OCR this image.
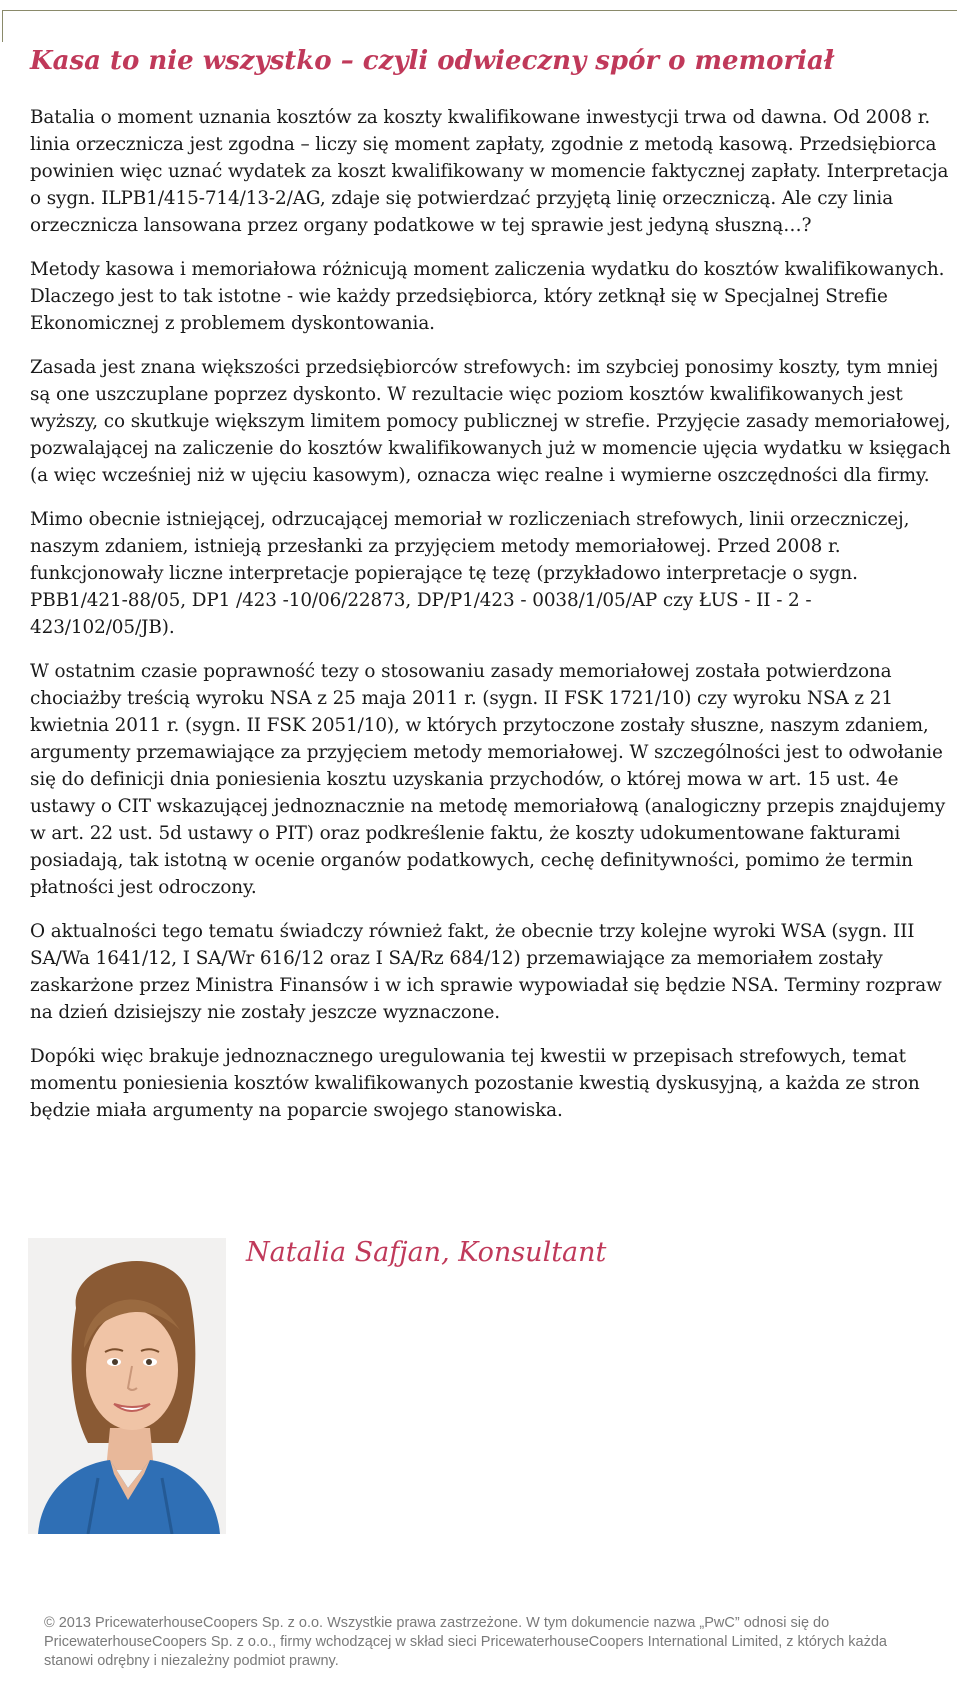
Kasa to nie wszystko – czyli odwieczny spór o memoriał

Batalia o moment uznania kosztów za koszty kwalifikowane inwestycji trwa od dawna. Od 2008 r. linia orzecznicza jest zgodna – liczy się moment zapłaty, zgodnie z metodą kasową. Przedsiębiorca powinien więc uznać wydatek za koszt kwalifikowany w momencie faktycznej zapłaty. Interpretacja o sygn. ILPB1/415-714/13-2/AG, zdaje się potwierdzać przyjętą linię orzeczniczą. Ale czy linia orzecznicza lansowana przez organy podatkowe w tej sprawie jest jedyną słuszną…?

Metody kasowa i memoriałowa różnicują moment zaliczenia wydatku do kosztów kwalifikowanych. Dlaczego jest to tak istotne - wie każdy przedsiębiorca, który zetknął się w Specjalnej Strefie Ekonomicznej z problemem dyskontowania.

Zasada jest znana większości przedsiębiorców strefowych: im szybciej ponosimy koszty, tym mniej są one uszczuplane poprzez dyskonto. W rezultacie więc poziom kosztów kwalifikowanych jest wyższy, co skutkuje większym limitem pomocy publicznej w strefie. Przyjęcie zasady memoriałowej, pozwalającej na zaliczenie do kosztów kwalifikowanych już w momencie ujęcia wydatku w księgach (a więc wcześniej niż w ujęciu kasowym), oznacza więc realne i wymierne oszczędności dla firmy.

Mimo obecnie istniejącej, odrzucającej memoriał w rozliczeniach strefowych, linii orzeczniczej, naszym zdaniem, istnieją przesłanki za przyjęciem metody memoriałowej. Przed 2008 r. funkcjonowały liczne interpretacje popierające tę tezę (przykładowo interpretacje o sygn. PBB1/421-88/05, DP1 /423 -10/06/22873, DP/P1/423 - 0038/1/05/AP czy ŁUS - II - 2 - 423/102/05/JB).

W ostatnim czasie poprawność tezy o stosowaniu zasady memoriałowej została potwierdzona chociażby treścią wyroku NSA z 25 maja 2011 r. (sygn. II FSK 1721/10) czy wyroku NSA z 21 kwietnia 2011 r. (sygn. II FSK 2051/10), w których przytoczone zostały słuszne, naszym zdaniem, argumenty przemawiające za przyjęciem metody memoriałowej. W szczególności jest to odwołanie się do definicji dnia poniesienia kosztu uzyskania przychodów, o której mowa w art. 15 ust. 4e ustawy o CIT wskazującej jednoznacznie na metodę memoriałową (analogiczny przepis znajdujemy w art. 22 ust. 5d ustawy o PIT) oraz podkreślenie faktu, że koszty udokumentowane fakturami posiadają, tak istotną w ocenie organów podatkowych, cechę definitywności, pomimo że termin płatności jest odroczony.

O aktualności tego tematu świadczy również fakt, że obecnie trzy kolejne wyroki WSA (sygn. III SA/Wa 1641/12, I SA/Wr 616/12 oraz I SA/Rz 684/12) przemawiające za memoriałem zostały zaskarżone przez Ministra Finansów i w ich sprawie wypowiadał się będzie NSA. Terminy rozpraw na dzień dzisiejszy nie zostały jeszcze wyznaczone.

Dopóki więc brakuje jednoznacznego uregulowania tej kwestii w przepisach strefowych, temat momentu poniesienia kosztów kwalifikowanych pozostanie kwestią dyskusyjną, a każda ze stron będzie miała argumenty na poparcie swojego stanowiska.

Natalia Safjan, Konsultant

© 2013 PricewaterhouseCoopers Sp. z o.o. Wszystkie prawa zastrzeżone. W tym dokumencie nazwa „PwC” odnosi się do PricewaterhouseCoopers Sp. z o.o., firmy wchodzącej w skład sieci PricewaterhouseCoopers International Limited, z których każda stanowi odrębny i niezależny podmiot prawny.
